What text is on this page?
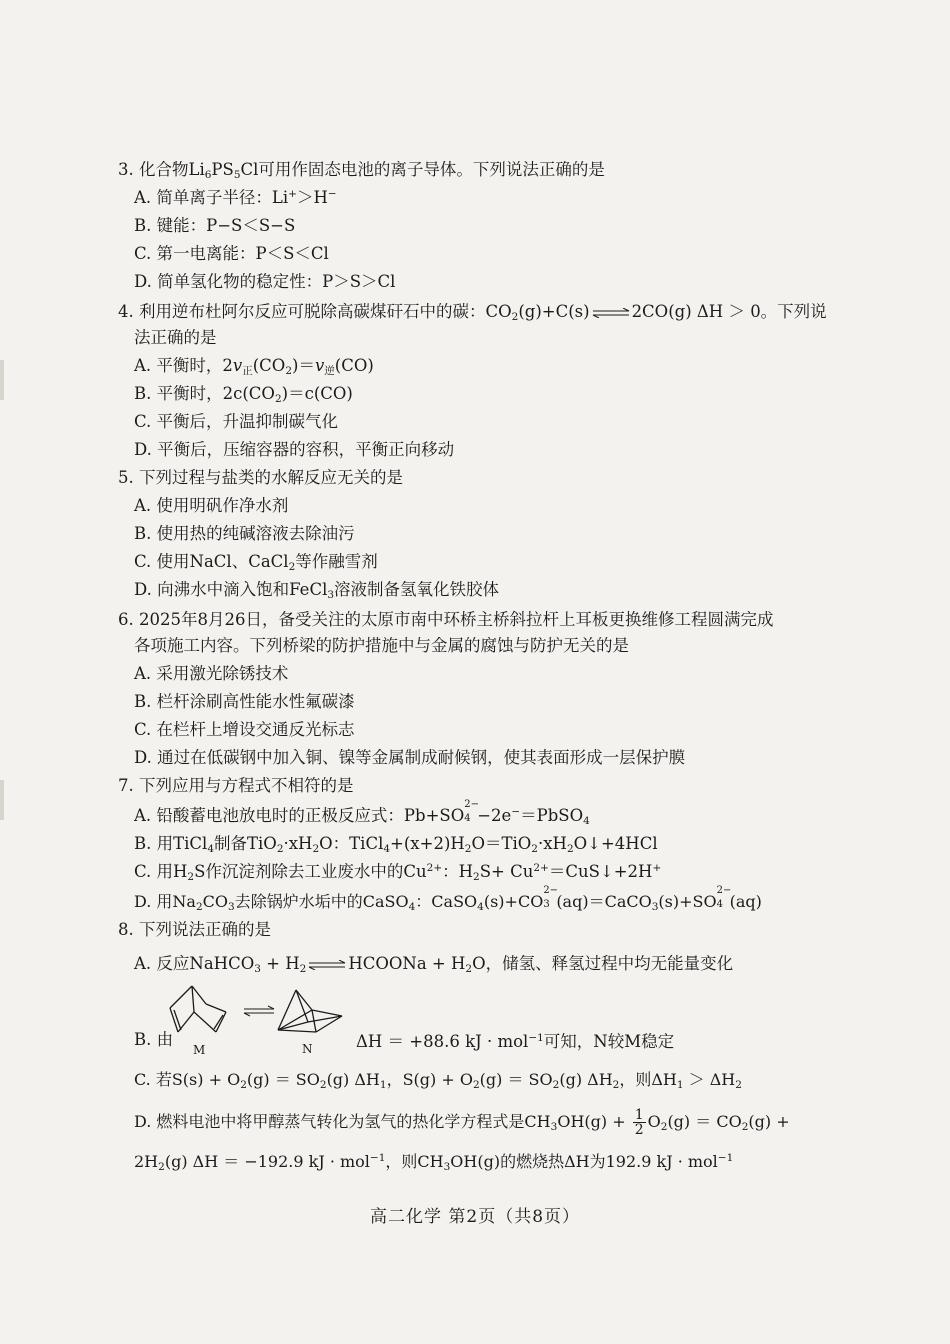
3. 化合物$Li_6PS_5Cl$可用作固态电池的离子导体。下列说法正确的是
A. 简单离子半径：Li+＞H−
B. 键能：P−S＜S−S
C. 第一电离能：P＜S＜Cl
D. 简单氢化物的稳定性：P＞S＞Cl
4. 利用逆布杜阿尔反应可脱除高碳煤矸石中的碳：$CO_2(g)+C(s)$ ⇌ 2CO(g) ΔH ＞ 0。下列说
法正确的是
A. 平衡时，$2v_正(CO_2)=v_逆(CO)$
B. 平衡时，$2c(CO_2)=c(CO)$
C. 平衡后，升温抑制碳气化
D. 平衡后，压缩容器的容积，平衡正向移动
5. 下列过程与盐类的水解反应无关的是
A. 使用明矾作净水剂
B. 使用热的纯碱溶液去除油污
C. 使用NaCl、CaCl$_2$等作融雪剂
D. 向沸水中滴入饱和FeCl$_3$溶液制备氢氧化铁胶体
6. 2025年8月26日，备受关注的太原市南中环桥主桥斜拉杆上耳板更换维修工程圆满完成
各项施工内容。下列桥梁的防护措施中与金属的腐蚀与防护无关的是
A. 采用激光除锈技术
B. 栏杆涂刷高性能水性氟碳漆
C. 在栏杆上增设交通反光标志
D. 通过在低碳钢中加入铜、镍等金属制成耐候钢，使其表面形成一层保护膜
7. 下列应用与方程式不相符的是
A. 铅酸蓄电池放电时的正极反应式：Pb+SO
2−
4 −2e−＝PbSO$_4$
B. 用TiCl$_4$制备$TiO_2\cdot xH_2O$：$TiCl_4+(x+2)H_2O=TiO_2\cdot xH_2O↓+4HCl$
C. 用$H_2S$作沉淀剂除去工业废水中的$Cu^{2+}$：$H_2S+$ $Cu^{2+}=CuS↓+2H^+$
D. 用$Na_2CO_3$去除锅炉水垢中的CaSO$_4$：CaSO$_4$(s)+CO
2−
3 (aq)＝CaCO$_3$(s)+SO
2−
4 (aq)
8. 下列说法正确的是
A. 反应NaHCO$_3$ + $H_2$ ⇌ HCOONa + $H_2O$，储氢、释氢过程中均无能量变化
B. 由
M	N	ΔH ＝ +88.6 kJ · mol$^{-1}$可知，N较M稳定
C. 若$S(s) + O_2(g) = SO_2(g)$ $\Delta H_1$，$S(g) + O_2(g) = SO_2(g)$ $\Delta H_2$，则$\Delta H_1 > \Delta H_2$
D. 燃料电池中将甲醇蒸气转化为氢气的热化学方程式是$CH_3OH(g) + \frac{1}{2} O_2(g) = CO_2(g)$ +
$2H_2(g) \Delta H = -192.9$ kJ · mol$^{-1}$，则$CH_3OH(g)$的燃烧热ΔH为192.9 kJ · mol$^{-1}$
高二化学 第2页（共8页）
